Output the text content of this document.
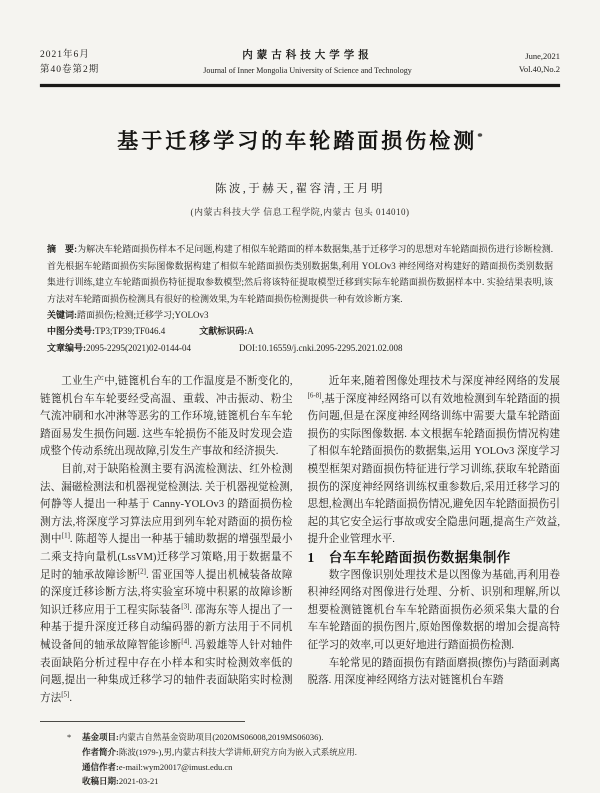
2021年6月
第40卷第2期
内蒙古科技大学学报
Journal of Inner Mongolia University of Science and Technology
June,2021
Vol.40,No.2
基于迁移学习的车轮踏面损伤检测*
陈波,于赫天,翟容清,王月明
(内蒙古科技大学 信息工程学院,内蒙古 包头 014010)

摘　要:为解决车轮踏面损伤样本不足问题,构建了相似车轮踏面的样本数据集,基于迁移学习的思想对车轮踏面损伤进行诊断检测. 首先根据车轮踏面损伤实际图像数据构建了相似车轮踏面损伤类别数据集,利用 YOLOv3 神经网络对构建好的踏面损伤类别数据集进行训练,建立车轮踏面损伤特征提取参数模型;然后将该特征提取模型迁移到实际车轮踏面损伤数据样本中. 实验结果表明,该方法对车轮踏面损伤检测具有很好的检测效果,为车轮踏面损伤检测提供一种有效诊断方案.

关键词:踏面损伤;检测;迁移学习;YOLOv3

中图分类号:TP3;TP39;TF046.4	文献标识码:A

文章编号:2095-2295(2021)02-0144-04	DOI:10.16559/j.cnki.2095-2295.2021.02.008

工业生产中,链篦机台车的工作温度是不断变化的,链篦机台车车轮要经受高温、重载、冲击振动、粉尘气流冲刷和水冲淋等恶劣的工作环境,链篦机台车车轮踏面易发生损伤问题. 这些车轮损伤不能及时发现会造成整个传动系统出现故障,引发生产事故和经济损失.

目前,对于缺陷检测主要有涡流检测法、红外检测法、漏磁检测法和机器视觉检测法. 关于机器视觉检测,何静等人提出一种基于 Canny-YOLOv3 的踏面损伤检测方法,将深度学习算法应用到列车轮对踏面的损伤检测中[1]. 陈超等人提出一种基于辅助数据的增强型最小二乘支持向量机(LssVM)迁移学习策略,用于数据量不足时的轴承故障诊断[2]. 雷亚国等人提出机械装备故障的深度迁移诊断方法,将实验室环境中积累的故障诊断知识迁移应用于工程实际装备[3]. 邵海东等人提出了一种基于提升深度迁移自动编码器的新方法用于不同机械设备间的轴承故障智能诊断[4]. 冯毅雄等人针对轴件表面缺陷分析过程中存在小样本和实时检测效率低的问题,提出一种集成迁移学习的轴件表面缺陷实时检测方法[5].

近年来,随着图像处理技术与深度神经网络的发展[6-8],基于深度神经网络可以有效地检测到车轮踏面的损伤问题,但是在深度神经网络训练中需要大量车轮踏面损伤的实际图像数据. 本文根据车轮踏面损伤情况构建了相似车轮踏面损伤的数据集,运用 YOLOv3 深度学习模型框架对踏面损伤特征进行学习训练,获取车轮踏面损伤的深度神经网络训练权重参数后,采用迁移学习的思想,检测出车轮踏面损伤情况,避免因车轮踏面损伤引起的其它安全运行事故或安全隐患问题,提高生产效益,提升企业管理水平.

1 台车车轮踏面损伤数据集制作

数字图像识别处理技术是以图像为基础,再利用卷积神经网络对图像进行处理、分析、识别和理解,所以想要检测链篦机台车车轮踏面损伤必须采集大量的台车车轮踏面的损伤图片,原始图像数据的增加会提高特征学习的效率,可以更好地进行踏面损伤检测.

车轮常见的踏面损伤有踏面磨损(擦伤)与踏面剥离脱落. 用深度神经网络方法对链篦机台车踏

* 基金项目:内蒙古自然基金资助项目(2020MS06008,2019MS06036).
作者简介:陈波(1979-),男,内蒙古科技大学讲师,研究方向为嵌入式系统应用.
通信作者:e-mail:wym20017@imust.edu.cn
收稿日期:2021-03-21
